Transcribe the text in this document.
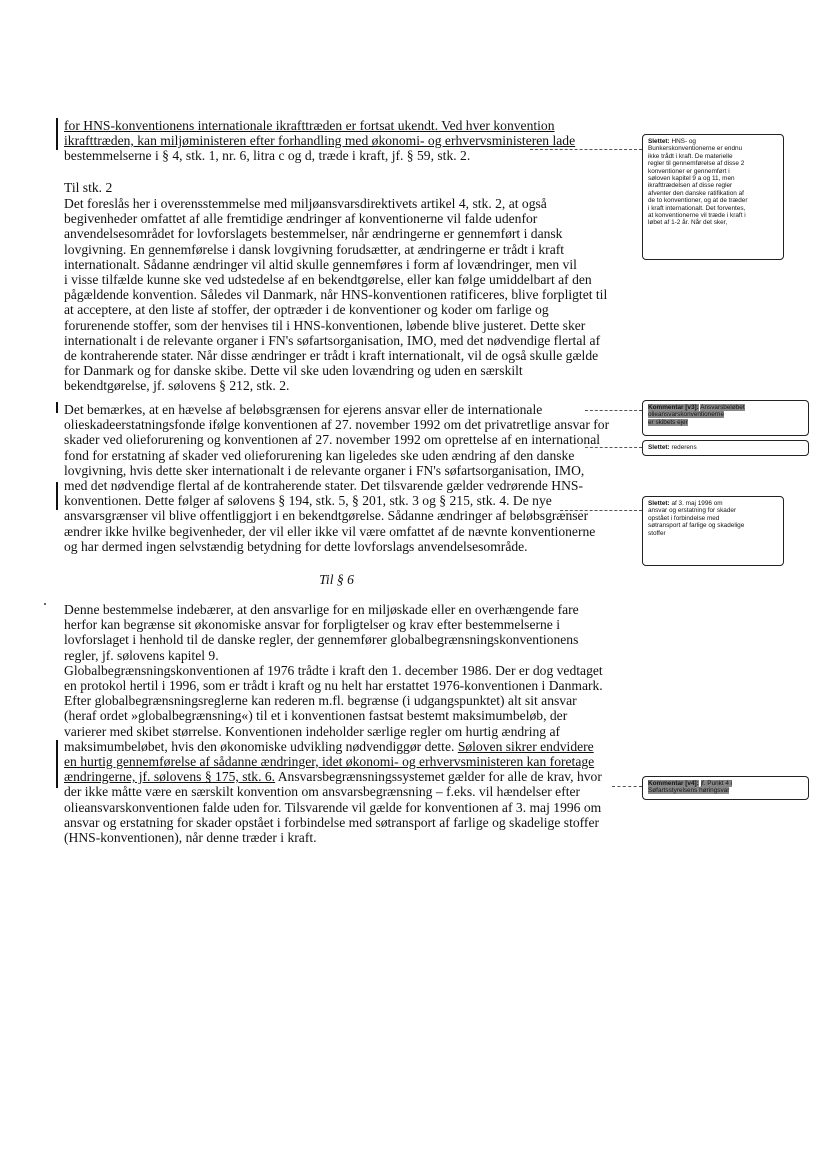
for HNS-konventionens internationale ikrafttræden er fortsat ukendt. Ved hver konvention
ikrafttræden, kan miljøministeren efter forhandling med økonomi- og erhvervsministeren lade
bestemmelserne i § 4, stk. 1, nr. 6, litra c og d, træde i kraft, jf. § 59, stk. 2.
Til stk. 2
Det foreslås her i overensstemmelse med miljøansvarsdirektivets artikel 4, stk. 2, at også
begivenheder omfattet af alle fremtidige ændringer af konventionerne vil falde udenfor
anvendelsesområdet for lovforslagets bestemmelser, når ændringerne er gennemført i dansk
lovgivning. En gennemførelse i dansk lovgivning forudsætter, at ændringerne er trådt i kraft
internationalt. Sådanne ændringer vil altid skulle gennemføres i form af lovændringer, men vil
i visse tilfælde kunne ske ved udstedelse af en bekendtgørelse, eller kan følge umiddelbart af den
pågældende konvention. Således vil Danmark, når HNS-konventionen ratificeres, blive forpligtet til
at acceptere, at den liste af stoffer, der optræder i de konventioner og koder om farlige og
forurenende stoffer, som der henvises til i HNS-konventionen, løbende blive justeret. Dette sker
internationalt i de relevante organer i FN's søfartsorganisation, IMO, med det nødvendige flertal af
de kontraherende stater. Når disse ændringer er trådt i kraft internationalt, vil de også skulle gælde
for Danmark og for danske skibe. Dette vil ske uden lovændring og uden en særskilt
bekendtgørelse, jf. sølovens § 212, stk. 2.
Det bemærkes, at en hævelse af beløbsgrænsen for ejerens ansvar eller de internationale
olieskadeerstatningsfonde ifølge konventionen af 27. november 1992 om det privatretlige ansvar for
skader ved olieforurening og konventionen af 27. november 1992 om oprettelse af en international
fond for erstatning af skader ved olieforurening kan ligeledes ske uden ændring af den danske
lovgivning, hvis dette sker internationalt i de relevante organer i FN's søfartsorganisation, IMO,
med det nødvendige flertal af de kontraherende stater. Det tilsvarende gælder vedrørende HNS-
konventionen. Dette følger af sølovens § 194, stk. 5, § 201, stk. 3 og § 215, stk. 4. De nye
ansvarsgrænser vil blive offentliggjort i en bekendtgørelse. Sådanne ændringer af beløbsgrænser
ændrer ikke hvilke begivenheder, der vil eller ikke vil være omfattet af de nævnte konventionerne
og har dermed ingen selvstændig betydning for dette lovforslags anvendelsesområde.
Til § 6
Denne bestemmelse indebærer, at den ansvarlige for en miljøskade eller en overhængende fare
herfor kan begrænse sit økonomiske ansvar for forpligtelser og krav efter bestemmelserne i
lovforslaget i henhold til de danske regler, der gennemfører globalbegrænsningskonventionens
regler, jf. sølovens kapitel 9.
Globalbegrænsningskonventionen af 1976 trådte i kraft den 1. december 1986. Der er dog vedtaget
en protokol hertil i 1996, som er trådt i kraft og nu helt har erstattet 1976-konventionen i Danmark.
Efter globalbegrænsningsreglerne kan rederen m.fl. begrænse (i udgangspunktet) alt sit ansvar
(heraf ordet »globalbegrænsning«) til et i konventionen fastsat bestemt maksimumbeløb, der
varierer med skibet størrelse. Konventionen indeholder særlige regler om hurtig ændring af
maksimumbeløbet, hvis den økonomiske udvikling nødvendiggør dette. Søloven sikrer endvidere
en hurtig gennemførelse af sådanne ændringer, idet økonomi- og erhvervsministeren kan foretage
ændringerne, jf. sølovens § 175, stk. 6. Ansvarsbegrænsningssystemet gælder for alle de krav, hvor
der ikke måtte være en særskilt konvention om ansvarsbegrænsning – f.eks. vil hændelser efter
olieansvarskonventionen falde uden for. Tilsvarende vil gælde for konventionen af 3. maj 1996 om
ansvar og erstatning for skader opstået i forbindelse med søtransport af farlige og skadelige stoffer
(HNS-konventionen), når denne træder i kraft.
Slettet: HNS- og
Bunkerskonventionerne er endnu
ikke trådt i kraft. De materielle
regler til gennemførelse af disse 2
konventioner er gennemført i
søloven kapitel 9 a og 11, men
ikrafttrædelsen af disse regler
afventer den danske ratifikation af
de to konventioner, og at de træder
i kraft internationalt. Det forventes,
at konventionerne vil træde i kraft i
løbet af 1-2 år. Når det sker,
Kommentar [v3]: Ansvarsbeløbet
olieansvarskonventionerne
er skibets ejer
Slettet: rederens
Slettet: af 3. maj 1996 om
ansvar og erstatning for skader
opstået i forbindelse med
søtransport af farlige og skadelige
stoffer
Kommentar [v4]: jf. Punkt 4 i
Søfartsstyrelsens høringsvar
